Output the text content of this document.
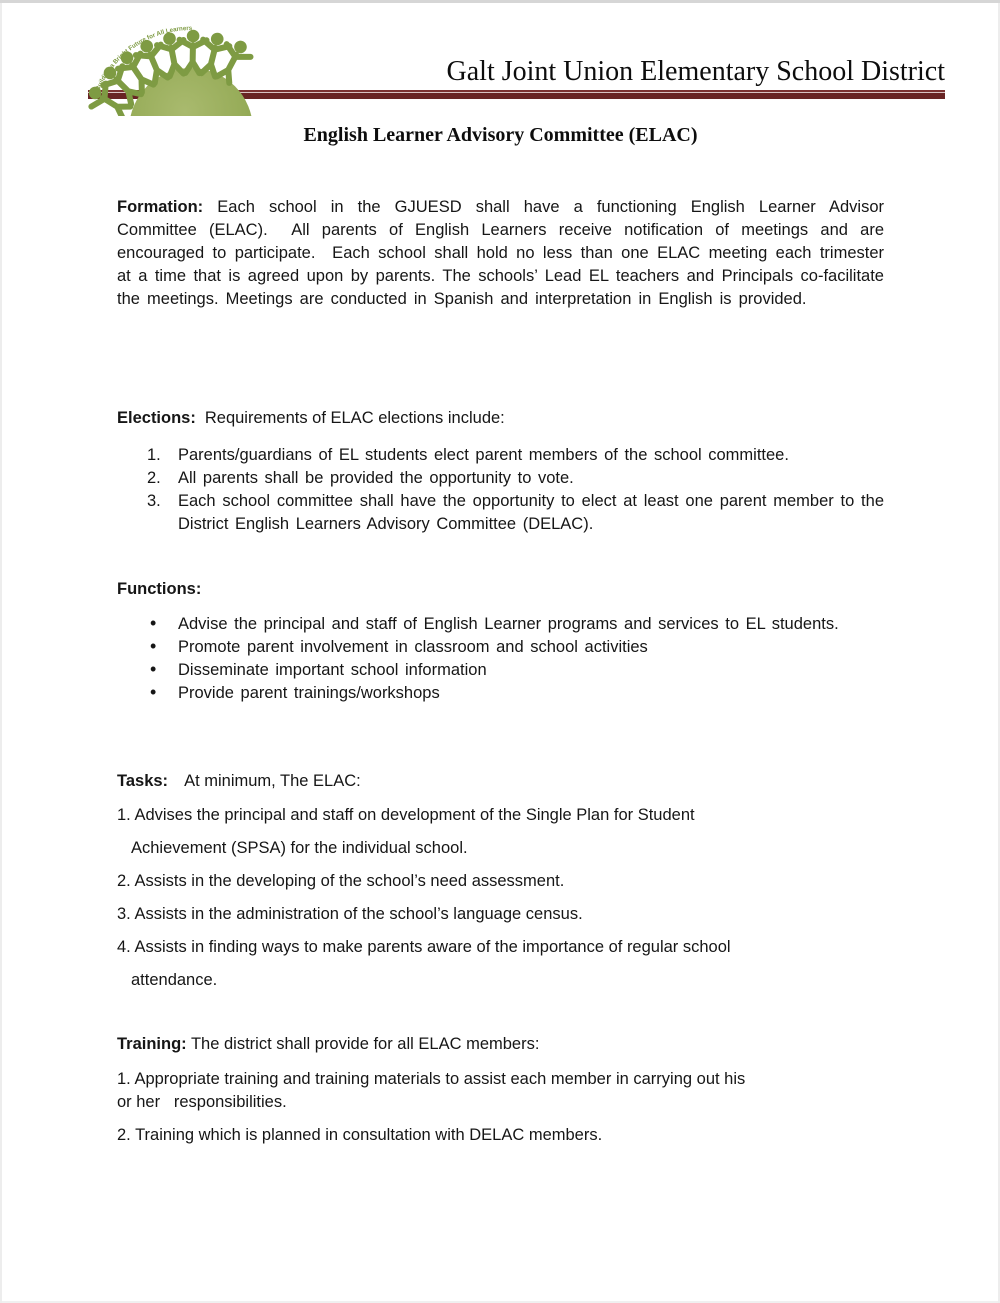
Building a Bright Future for All Learners
Galt Joint Union Elementary School District
English Learner Advisory Committee (ELAC)
Formation: Each school in the GJUESD shall have a functioning English Learner Advisor Committee (ELAC).  All parents of English Learners receive notification of meetings and are encouraged to participate.  Each school shall hold no less than one ELAC meeting each trimester at a time that is agreed upon by parents. The schools’ Lead EL teachers and Principals co-facilitate the meetings. Meetings are conducted in Spanish and interpretation in English is provided.
Elections: Requirements of ELAC elections include:
1. Parents/guardians of EL students elect parent members of the school committee.
2. All parents shall be provided the opportunity to vote.
3. Each school committee shall have the opportunity to elect at least one parent member to the District English Learners Advisory Committee (DELAC).
Functions:
• Advise the principal and staff of English Learner programs and services to EL students.
• Promote parent involvement in classroom and school activities
• Disseminate important school information
• Provide parent trainings/workshops
Tasks: At minimum, The ELAC:
1. Advises the principal and staff on development of the Single Plan for Student
Achievement (SPSA) for the individual school.
2. Assists in the developing of the school’s need assessment.
3. Assists in the administration of the school’s language census.
4. Assists in finding ways to make parents aware of the importance of regular school
attendance.
Training: The district shall provide for all ELAC members:

1. Appropriate training and training materials to assist each member in carrying out his
or her   responsibilities.

2. Training which is planned in consultation with DELAC members.
